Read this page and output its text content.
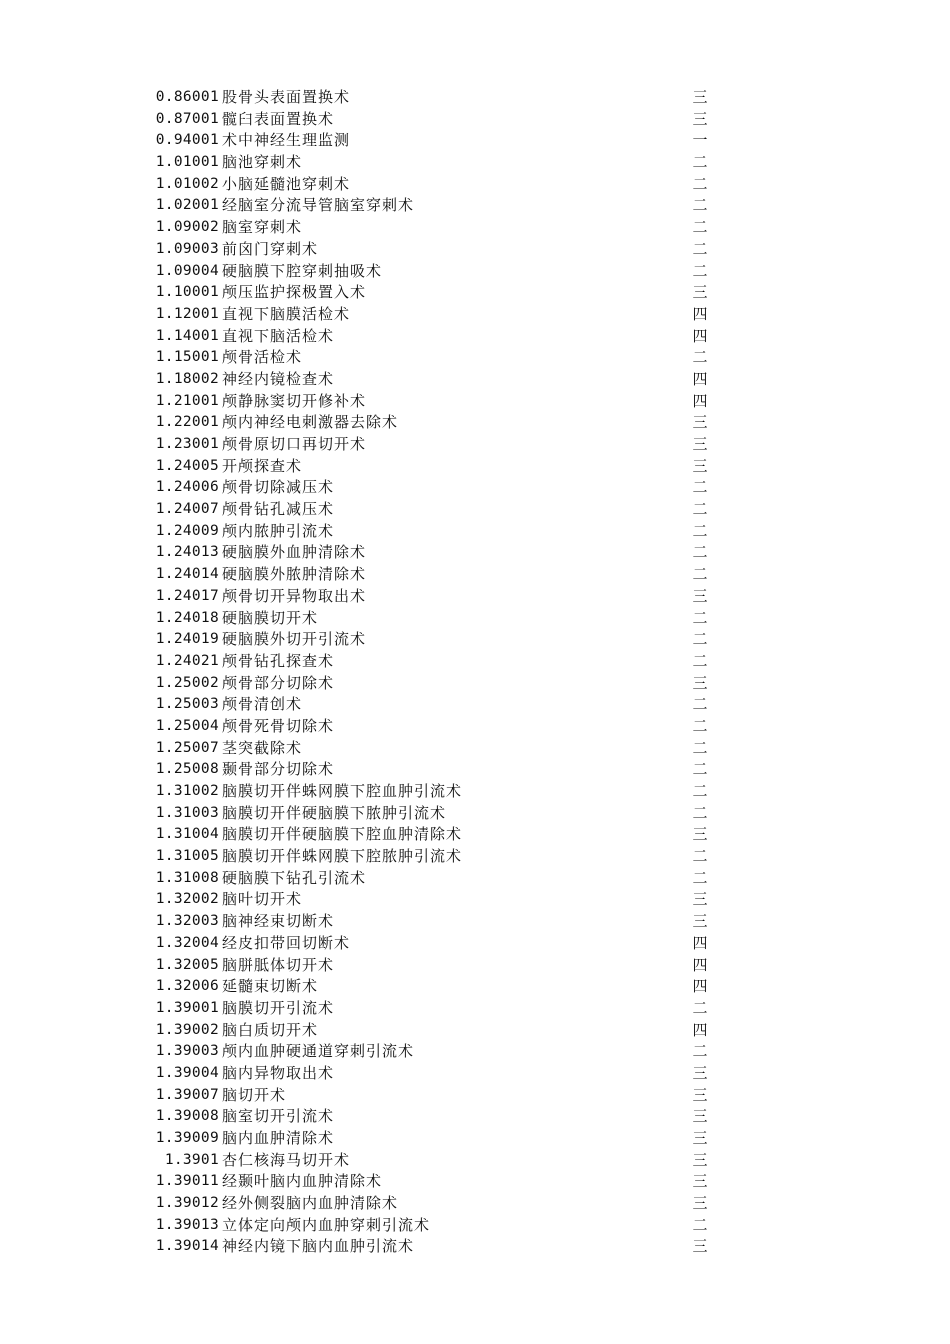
0.86001 股骨头表面置换术	三
0.87001 髋臼表面置换术	三
0.94001 术中神经生理监测	一
1.01001 脑池穿刺术	二
1.01002 小脑延髓池穿刺术	二
1.02001 经脑室分流导管脑室穿刺术	二
1.09002 脑室穿刺术	二
1.09003 前囟门穿刺术	二
1.09004 硬脑膜下腔穿刺抽吸术	二
1.10001 颅压监护探极置入术	三
1.12001 直视下脑膜活检术	四
1.14001 直视下脑活检术	四
1.15001 颅骨活检术	二
1.18002 神经内镜检查术	四
1.21001 颅静脉窦切开修补术	四
1.22001 颅内神经电刺激器去除术	三
1.23001 颅骨原切口再切开术	三
1.24005 开颅探查术	三
1.24006 颅骨切除减压术	二
1.24007 颅骨钻孔减压术	二
1.24009 颅内脓肿引流术	二
1.24013 硬脑膜外血肿清除术	二
1.24014 硬脑膜外脓肿清除术	二
1.24017 颅骨切开异物取出术	三
1.24018 硬脑膜切开术	二
1.24019 硬脑膜外切开引流术	二
1.24021 颅骨钻孔探查术	二
1.25002 颅骨部分切除术	三
1.25003 颅骨清创术	二
1.25004 颅骨死骨切除术	二
1.25007 茎突截除术	二
1.25008 颞骨部分切除术	二
1.31002 脑膜切开伴蛛网膜下腔血肿引流术	二
1.31003 脑膜切开伴硬脑膜下脓肿引流术	二
1.31004 脑膜切开伴硬脑膜下腔血肿清除术	三
1.31005 脑膜切开伴蛛网膜下腔脓肿引流术	二
1.31008 硬脑膜下钻孔引流术	二
1.32002 脑叶切开术	三
1.32003 脑神经束切断术	三
1.32004 经皮扣带回切断术	四
1.32005 脑胼胝体切开术	四
1.32006 延髓束切断术	四
1.39001 脑膜切开引流术	二
1.39002 脑白质切开术	四
1.39003 颅内血肿硬通道穿刺引流术	二
1.39004 脑内异物取出术	三
1.39007 脑切开术	三
1.39008 脑室切开引流术	三
1.39009 脑内血肿清除术	三
1.3901 杏仁核海马切开术	三
1.39011 经颞叶脑内血肿清除术	三
1.39012 经外侧裂脑内血肿清除术	三
1.39013 立体定向颅内血肿穿刺引流术	二
1.39014 神经内镜下脑内血肿引流术	三
